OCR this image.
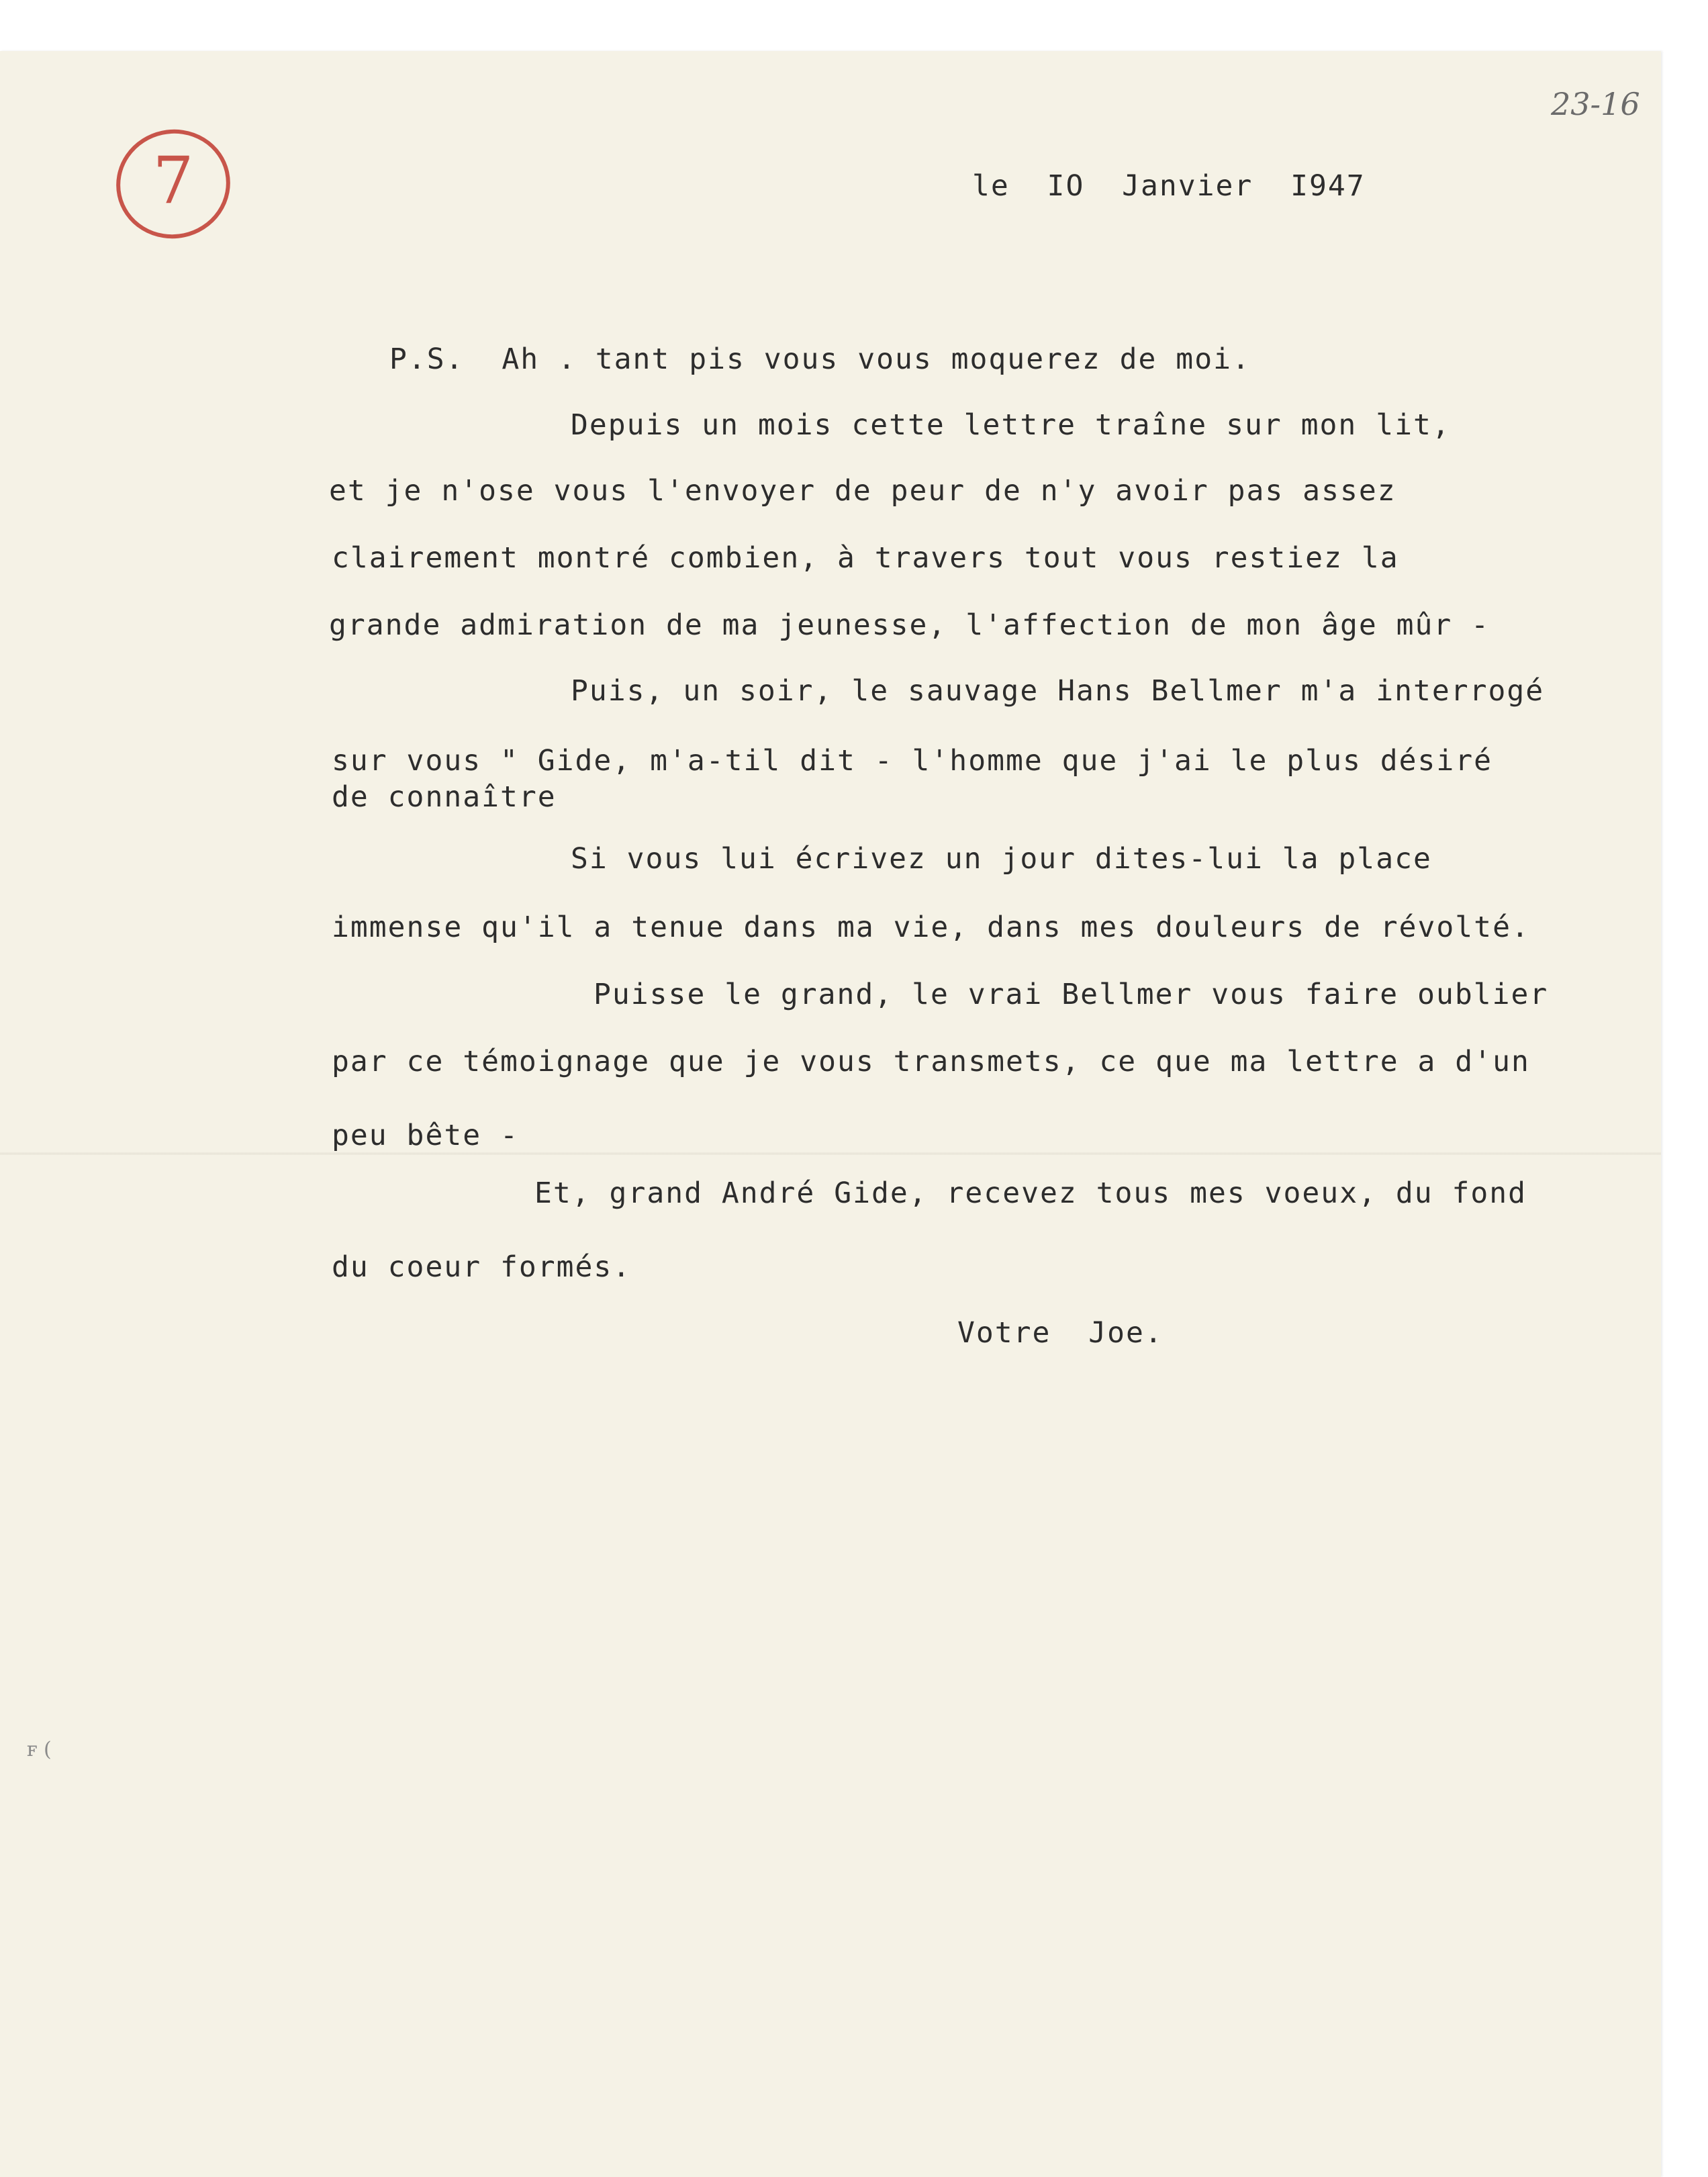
23-16
7	le  IO  Janvier  I947
P.S.  Ah . tant pis vous vous moquerez de moi.
Depuis un mois cette lettre traîne sur mon lit,
et je n'ose vous l'envoyer de peur de n'y avoir pas assez
clairement montré combien, à travers tout vous restiez la
grande admiration de ma jeunesse, l'affection de mon âge mûr -
Puis, un soir, le sauvage Hans Bellmer m'a interrogé
sur vous " Gide, m'a-til dit - l'homme que j'ai le plus désiré
de connaître
Si vous lui écrivez un jour dites-lui la place
immense qu'il a tenue dans ma vie, dans mes douleurs de révolté.
Puisse le grand, le vrai Bellmer vous faire oublier
par ce témoignage que je vous transmets, ce que ma lettre a d'un
peu bête -
Et, grand André Gide, recevez tous mes voeux, du fond
du coeur formés.
Votre  Joe.
ꜰ (
